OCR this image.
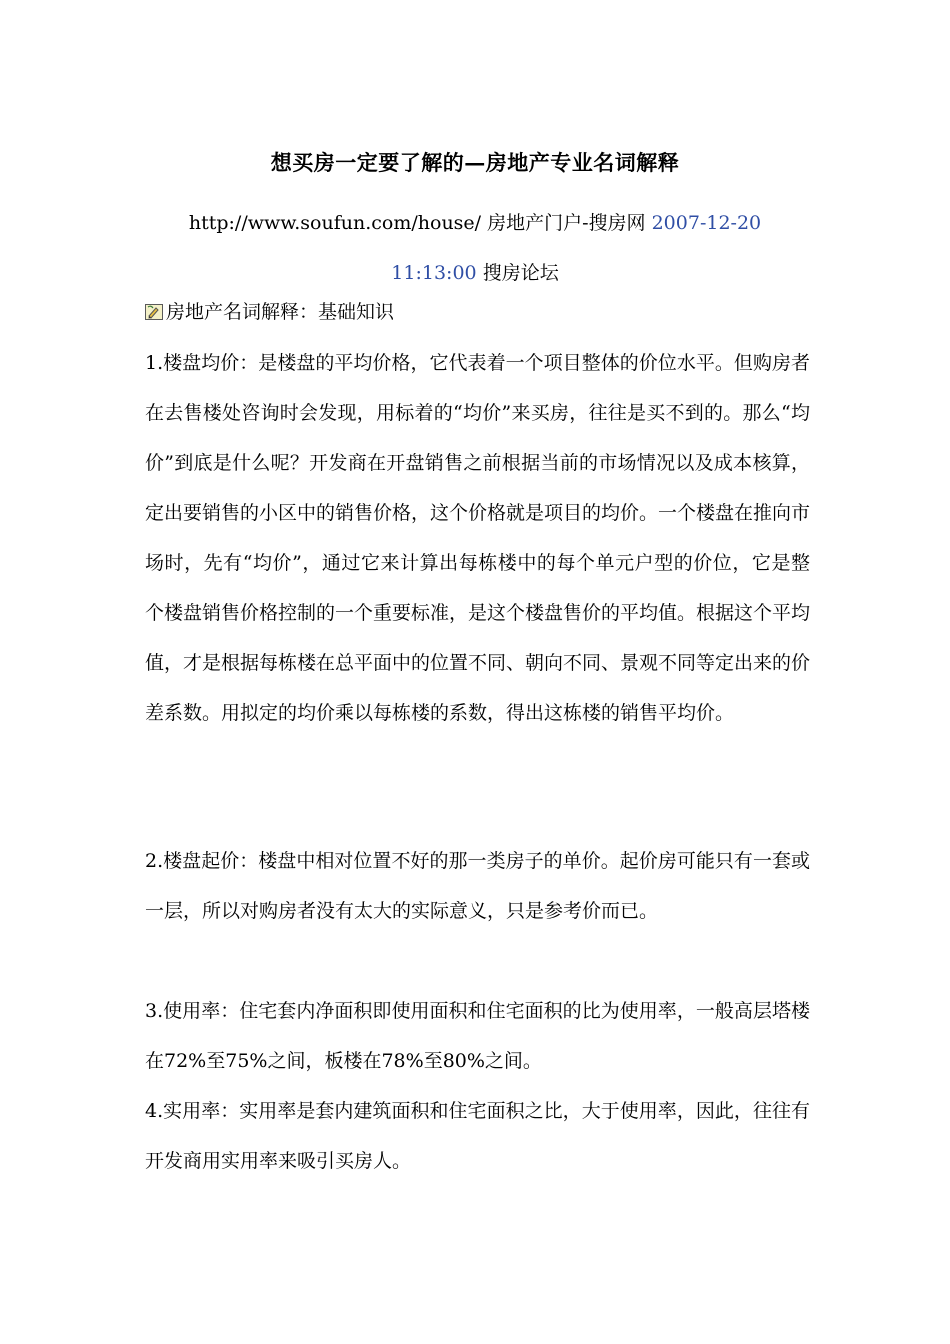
想买房一定要了解的—房地产专业名词解释
http://www.soufun.com/house/ 房地产门户-搜房网 2007-12-20
11:13:00 搜房论坛
房地产名词解释：基础知识

1.楼盘均价：是楼盘的平均价格，它代表着一个项目整体的价位水平。但购房者在去售楼处咨询时会发现，用标着的“均价”来买房，往往是买不到的。那么“均价”到底是什么呢？开发商在开盘销售之前根据当前的市场情况以及成本核算，定出要销售的小区中的销售价格，这个价格就是项目的均价。一个楼盘在推向市场时，先有“均价”，通过它来计算出每栋楼中的每个单元户型的价位，它是整个楼盘销售价格控制的一个重要标准，是这个楼盘售价的平均值。根据这个平均值，才是根据每栋楼在总平面中的位置不同、朝向不同、景观不同等定出来的价差系数。用拟定的均价乘以每栋楼的系数，得出这栋楼的销售平均价。

2.楼盘起价：楼盘中相对位置不好的那一类房子的单价。起价房可能只有一套或一层，所以对购房者没有太大的实际意义，只是参考价而已。

3.使用率：住宅套内净面积即使用面积和住宅面积的比为使用率，一般高层塔楼在72%至75%之间，板楼在78%至80%之间。

4.实用率：实用率是套内建筑面积和住宅面积之比，大于使用率，因此，往往有开发商用实用率来吸引买房人。
